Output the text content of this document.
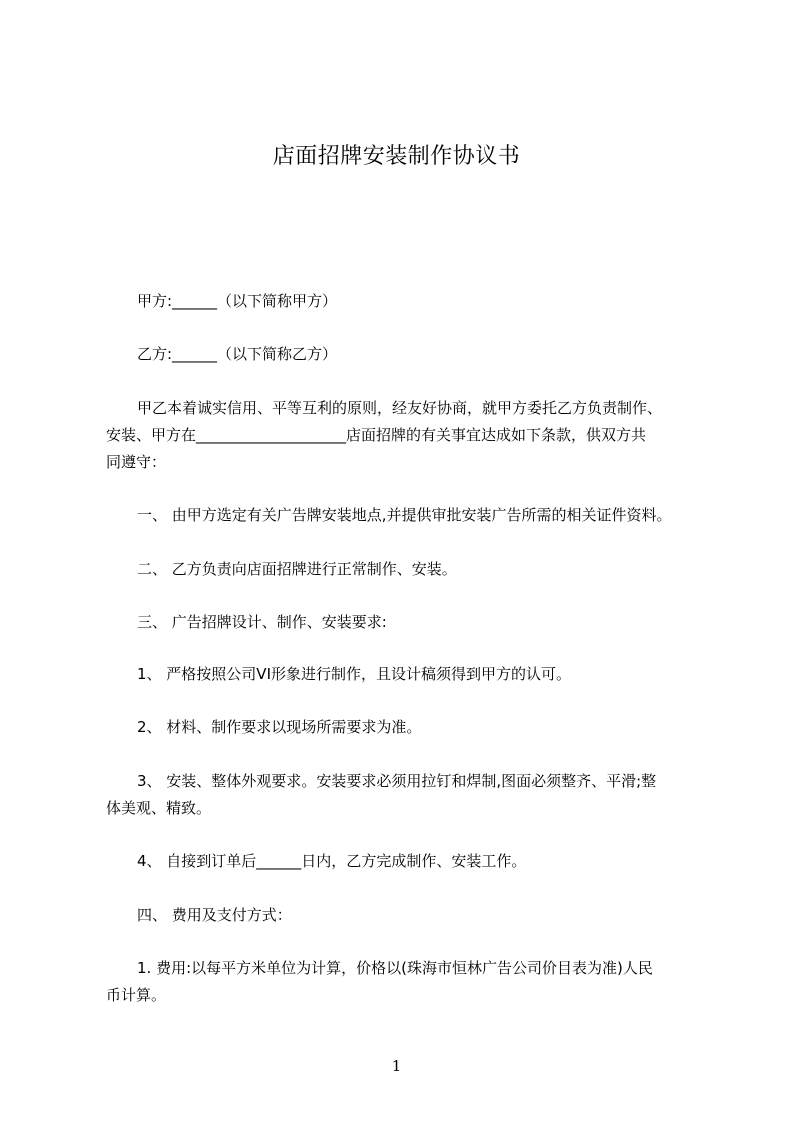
店面招牌安装制作协议书
甲方:______（以下简称甲方）
乙方:______（以下简称乙方）
甲乙本着诚实信用、平等互利的原则，经友好协商，就甲方委托乙方负责制作、
安装、甲方在____________________店面招牌的有关事宜达成如下条款，供双方共
同遵守：
一、 由甲方选定有关广告牌安装地点,并提供审批安装广告所需的相关证件资料。
二、 乙方负责向店面招牌进行正常制作、安装。
三、 广告招牌设计、制作、安装要求:
1、 严格按照公司VI形象进行制作，且设计稿须得到甲方的认可。
2、 材料、制作要求以现场所需要求为准。
3、 安装、整体外观要求。安装要求必须用拉钉和焊制,图面必须整齐、平滑;整
体美观、精致。
4、 自接到订单后______日内，乙方完成制作、安装工作。
四、 费用及支付方式：
1. 费用:以每平方米单位为计算，价格以(珠海市恒林广告公司价目表为准)人民
币计算。
1
